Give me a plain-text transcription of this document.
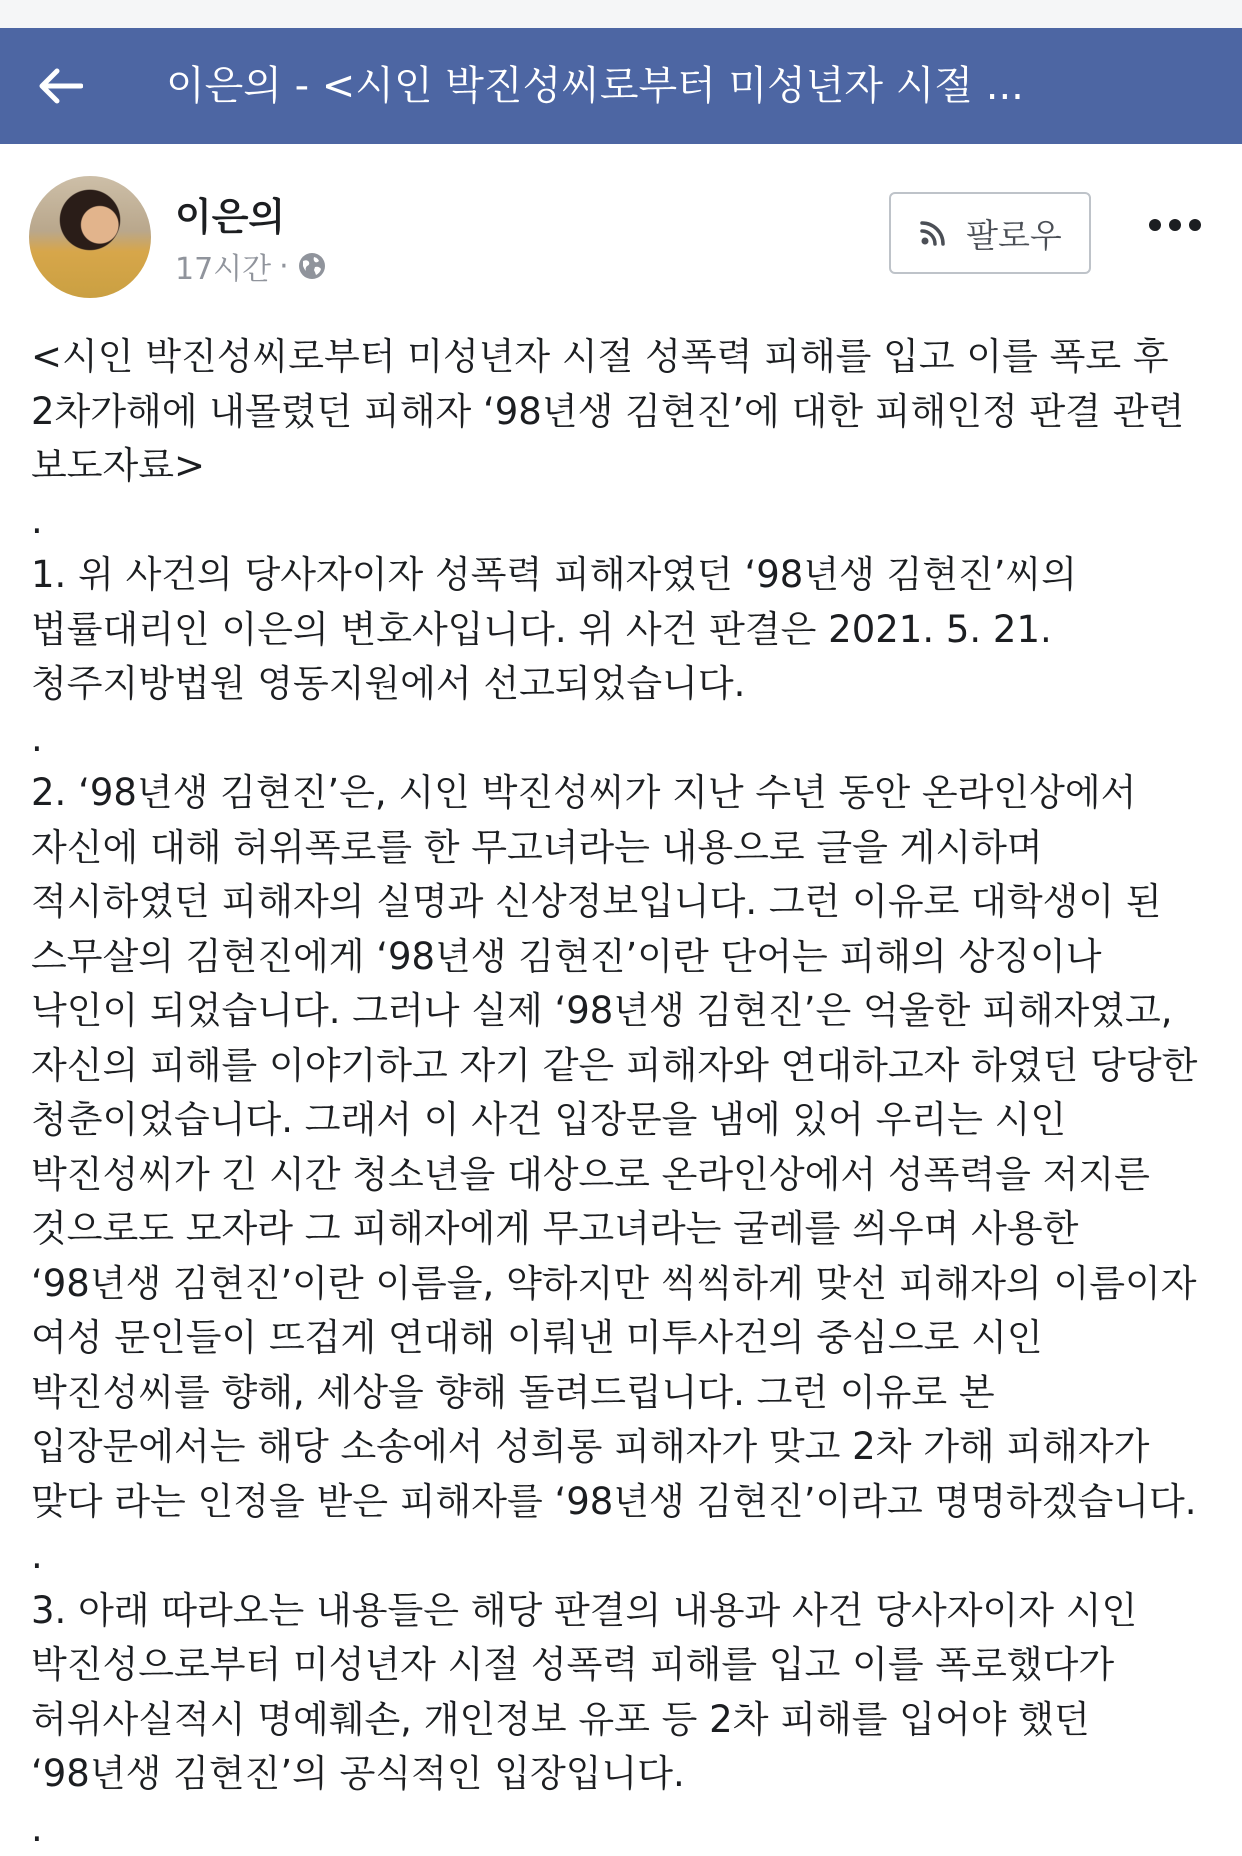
이은의 - <시인 박진성씨로부터 미성년자 시절 ...
이은의
17시간 ·
팔로우

<시인 박진성씨로부터 미성년자 시절 성폭력 피해를 입고 이를 폭로 후 2차가해에 내몰렸던 피해자 ‘98년생 김현진’에 대한 피해인정 판결 관련 보도자료>

.

1. 위 사건의 당사자이자 성폭력 피해자였던 ‘98년생 김현진’씨의 법률대리인 이은의 변호사입니다. 위 사건 판결은 2021. 5. 21. 청주지방법원 영동지원에서 선고되었습니다.

.

2. ‘98년생 김현진’은, 시인 박진성씨가 지난 수년 동안 온라인상에서 자신에 대해 허위폭로를 한 무고녀라는 내용으로 글을 게시하며 적시하였던 피해자의 실명과 신상정보입니다. 그런 이유로 대학생이 된 스무살의 김현진에게 ‘98년생 김현진’이란 단어는 피해의 상징이나 낙인이 되었습니다. 그러나 실제 ‘98년생 김현진’은 억울한 피해자였고, 자신의 피해를 이야기하고 자기 같은 피해자와 연대하고자 하였던 당당한 청춘이었습니다. 그래서 이 사건 입장문을 냄에 있어 우리는 시인 박진성씨가 긴 시간 청소년을 대상으로 온라인상에서 성폭력을 저지른 것으로도 모자라 그 피해자에게 무고녀라는 굴레를 씌우며 사용한 ‘98년생 김현진’이란 이름을, 약하지만 씩씩하게 맞선 피해자의 이름이자 여성 문인들이 뜨겁게 연대해 이뤄낸 미투사건의 중심으로 시인 박진성씨를 향해, 세상을 향해 돌려드립니다. 그런 이유로 본 입장문에서는 해당 소송에서 성희롱 피해자가 맞고 2차 가해 피해자가 맞다 라는 인정을 받은 피해자를 ‘98년생 김현진’이라고 명명하겠습니다.

.

3. 아래 따라오는 내용들은 해당 판결의 내용과 사건 당사자이자 시인 박진성으로부터 미성년자 시절 성폭력 피해를 입고 이를 폭로했다가 허위사실적시 명예훼손, 개인정보 유포 등 2차 피해를 입어야 했던 ‘98년생 김현진’의 공식적인 입장입니다.

.
